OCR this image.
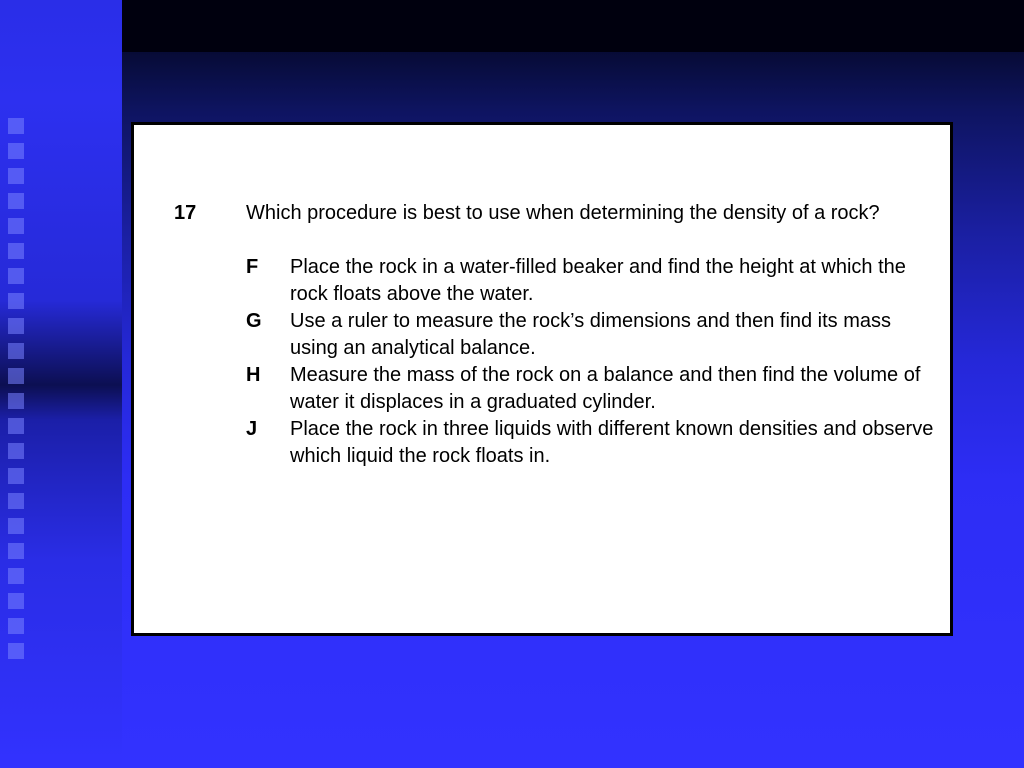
17 Which procedure is best to use when determining the density of a rock?
F Place the rock in a water-filled beaker and find the height at which the rock floats above the water.
G Use a ruler to measure the rock’s dimensions and then find its mass using an analytical balance.
H Measure the mass of the rock on a balance and then find the volume of water it displaces in a graduated cylinder.
J Place the rock in three liquids with different known densities and observe which liquid the rock floats in.
